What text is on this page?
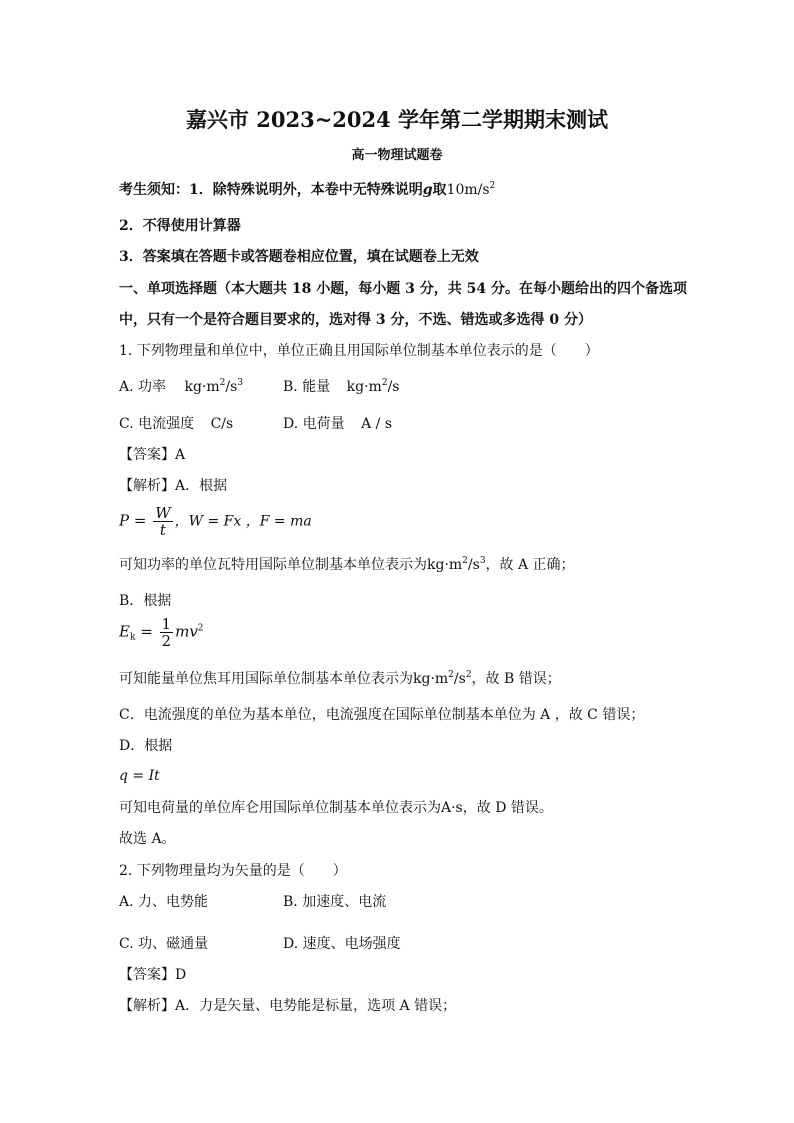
嘉兴市 2023~2024 学年第二学期期末测试
高一物理试题卷
考生须知：1．除特殊说明外，本卷中无特殊说明g取$10m/s^2$
2．不得使用计算器
3．答案填在答题卡或答题卷相应位置，填在试题卷上无效
一、单项选择题（本大题共 18 小题，每小题 3 分，共 54 分。在每小题给出的四个备选项
中，只有一个是符合题目要求的，选对得 3 分，不选、错选或多选得 0 分）
1. 下列物理量和单位中，单位正确且用国际单位制基本单位表示的是（　　）
A. 功率 $kg\cdot m^2/s^3$	B. 能量 $kg\cdot m^2/s$
C. 电流强度 C/s	D. 电荷量 A / s
【答案】A
【解析】A．根据
$P = \frac{W}{t}$ ，W = Fx ，F = ma
可知功率的单位瓦特用国际单位制基本单位表示为$kg\cdot m^2/s^3$，故 A 正确；
B．根据
$E_k = \frac{1}{2} mv^2$
可知能量单位焦耳用国际单位制基本单位表示为$kg\cdot m^2/s^2$，故 B 错误；
C．电流强度的单位为基本单位，电流强度在国际单位制基本单位为 A ，故 C 错误；
D．根据
q = It
可知电荷量的单位库仑用国际单位制基本单位表示为A·s，故 D 错误。
故选 A。
2. 下列物理量均为矢量的是（　　）
A. 力、电势能	B. 加速度、电流
C. 功、磁通量	D. 速度、电场强度
【答案】D
【解析】A．力是矢量、电势能是标量，选项 A 错误；
